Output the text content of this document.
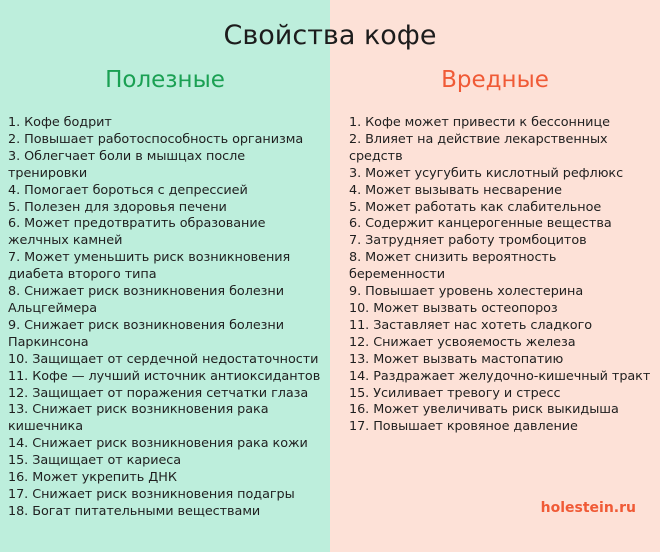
Свойства кофе
Полезные	Вредные
1. Кофе бодрит
2. Повышает работоспособность организма
3. Облегчает боли в мышцах после тренировки
4. Помогает бороться с депрессией
5. Полезен для здоровья печени
6. Может предотвратить образование желчных камней
7. Может уменьшить риск возникновения диабета второго типа
8. Снижает риск возникновения болезни Альцгеймера
9. Снижает риск возникновения болезни Паркинсона
10. Защищает от сердечной недостаточности
11. Кофе — лучший источник антиоксидантов
12. Защищает от поражения сетчатки глаза
13. Снижает риск возникновения рака кишечника
14. Снижает риск возникновения рака кожи
15. Защищает от кариеса
16. Может укрепить ДНК
17. Снижает риск возникновения подагры
18. Богат питательными веществами
1. Кофе может привести к бессоннице
2. Влияет на действие лекарственных средств
3. Может усугубить кислотный рефлюкс
4. Может вызывать несварение
5. Может работать как слабительное
6. Содержит канцерогенные вещества
7. Затрудняет работу тромбоцитов
8. Может снизить вероятность беременности
9. Повышает уровень холестерина
10. Может вызвать остеопороз
11. Заставляет нас хотеть сладкого
12. Снижает усвояемость железа
13. Может вызвать мастопатию
14. Раздражает желудочно-кишечный тракт
15. Усиливает тревогу и стресс
16. Может увеличивать риск выкидыша
17. Повышает кровяное давление
holestein.ru
